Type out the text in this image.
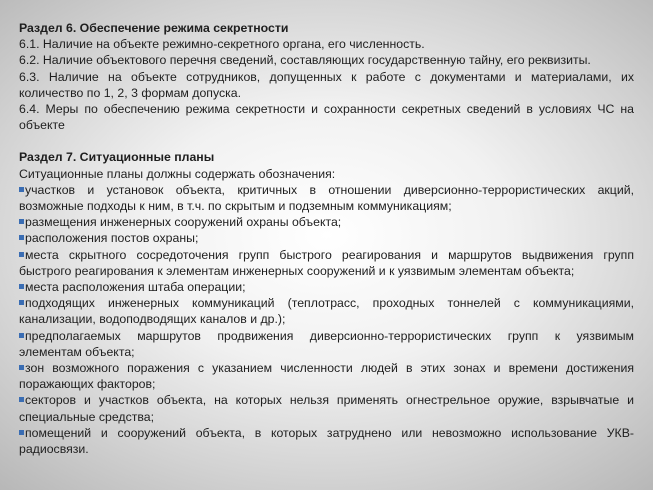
Раздел 6. Обеспечение режима секретности
6.1. Наличие на объекте режимно-секретного органа, его численность.
6.2. Наличие объектового перечня сведений, составляющих государственную тайну, его реквизиты.
6.3. Наличие на объекте сотрудников, допущенных к работе с документами и материалами, их
количество по 1, 2, 3 формам допуска.
6.4. Меры по обеспечению режима секретности и сохранности секретных сведений в условиях ЧС на
объекте
Раздел 7. Ситуационные планы
Ситуационные планы должны содержать обозначения:
участков и установок объекта, критичных в отношении диверсионно-террористических акций,
возможные подходы к ним, в т.ч. по скрытым и подземным коммуникациям;
размещения инженерных сооружений охраны объекта;
расположения постов охраны;
места скрытного сосредоточения групп быстрого реагирования и маршрутов выдвижения групп
быстрого реагирования к элементам инженерных сооружений и к уязвимым элементам объекта;
места расположения штаба операции;
подходящих инженерных коммуникаций (теплотрасс, проходных тоннелей с коммуникациями,
канализации, водоподводящих каналов и др.);
предполагаемых маршрутов продвижения диверсионно-террористических групп к уязвимым
элементам объекта;
зон возможного поражения с указанием численности людей в этих зонах и времени достижения
поражающих факторов;
секторов и участков объекта, на которых нельзя применять огнестрельное оружие, взрывчатые и
специальные средства;
помещений и сооружений объекта, в которых затруднено или невозможно использование УКВ-
радиосвязи.
